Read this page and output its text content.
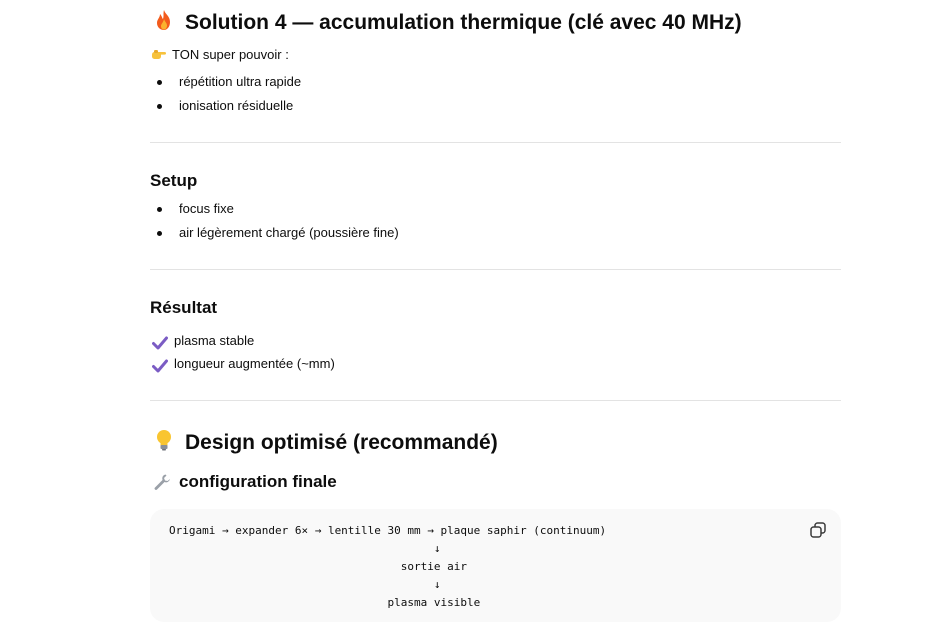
Solution 4 — accumulation thermique (clé avec 40 MHz)
TON super pouvoir :
répétition ultra rapide
ionisation résiduelle
Setup
focus fixe
air légèrement chargé (poussière fine)
Résultat
plasma stable
longueur augmentée (~mm)
Design optimisé (recommandé)
configuration finale
Origami → expander 6× → lentille 30 mm → plaque saphir (continuum)
↓
sortie air
↓
plasma visible
